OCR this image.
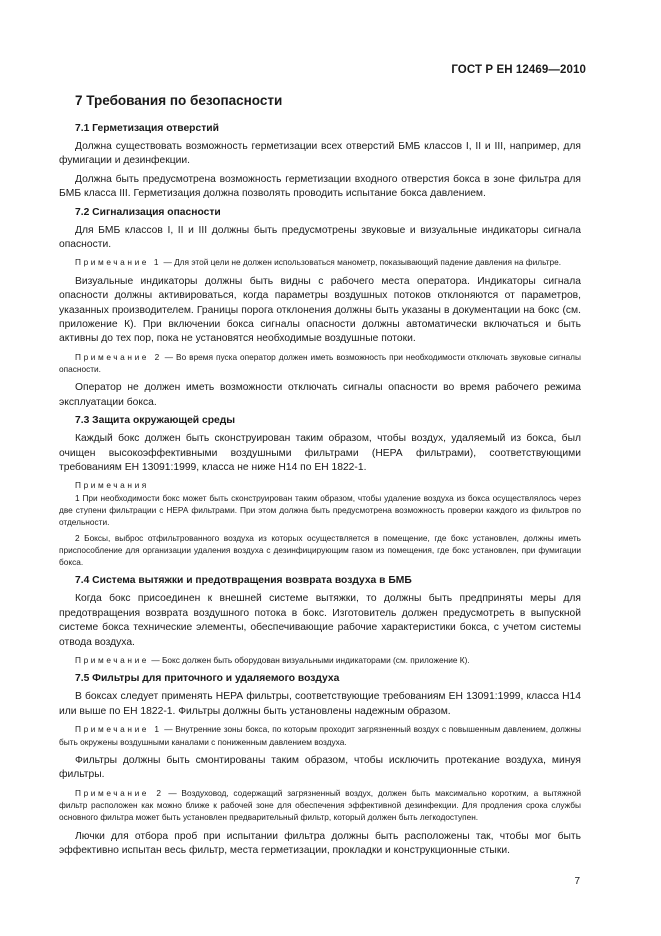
ГОСТ Р ЕН 12469—2010
7 Требования по безопасности
7.1 Герметизация отверстий
Должна существовать возможность герметизации всех отверстий БМБ классов I, II и III, например, для фумигации и дезинфекции.
Должна быть предусмотрена возможность герметизации входного отверстия бокса в зоне фильтра для БМБ класса III. Герметизация должна позволять проводить испытание бокса давлением.
7.2 Сигнализация опасности
Для БМБ классов I, II и III должны быть предусмотрены звуковые и визуальные индикаторы сигнала опасности.
Примечание 1 — Для этой цели не должен использоваться манометр, показывающий падение давления на фильтре.
Визуальные индикаторы должны быть видны с рабочего места оператора. Индикаторы сигнала опасности должны активироваться, когда параметры воздушных потоков отклоняются от параметров, указанных производителем. Границы порога отклонения должны быть указаны в документации на бокс (см. приложение К). При включении бокса сигналы опасности должны автоматически включаться и быть активны до тех пор, пока не установятся необходимые воздушные потоки.
Примечание 2 — Во время пуска оператор должен иметь возможность при необходимости отключать звуковые сигналы опасности.
Оператор не должен иметь возможности отключать сигналы опасности во время рабочего режима эксплуатации бокса.
7.3 Защита окружающей среды
Каждый бокс должен быть сконструирован таким образом, чтобы воздух, удаляемый из бокса, был очищен высокоэффективными воздушными фильтрами (НЕРА фильтрами), соответствующими требованиям ЕН 13091:1999, класса не ниже Н14 по ЕН 1822-1.
Примечания
1 При необходимости бокс может быть сконструирован таким образом, чтобы удаление воздуха из бокса осуществлялось через две ступени фильтрации с НЕРА фильтрами. При этом должна быть предусмотрена возможность проверки каждого из фильтров по отдельности.
2 Боксы, выброс отфильтрованного воздуха из которых осуществляется в помещение, где бокс установлен, должны иметь приспособление для организации удаления воздуха с дезинфицирующим газом из помещения, где бокс установлен, при фумигации бокса.
7.4 Система вытяжки и предотвращения возврата воздуха в БМБ
Когда бокс присоединен к внешней системе вытяжки, то должны быть предприняты меры для предотвращения возврата воздушного потока в бокс. Изготовитель должен предусмотреть в выпускной системе бокса технические элементы, обеспечивающие рабочие характеристики бокса, с учетом системы отвода воздуха.
Примечание — Бокс должен быть оборудован визуальными индикаторами (см. приложение К).
7.5 Фильтры для приточного и удаляемого воздуха
В боксах следует применять НЕРА фильтры, соответствующие требованиям ЕН 13091:1999, класса Н14 или выше по ЕН 1822-1. Фильтры должны быть установлены надежным образом.
Примечание 1 — Внутренние зоны бокса, по которым проходит загрязненный воздух с повышенным давлением, должны быть окружены воздушными каналами с пониженным давлением воздуха.
Фильтры должны быть смонтированы таким образом, чтобы исключить протекание воздуха, минуя фильтры.
Примечание 2 — Воздуховод, содержащий загрязненный воздух, должен быть максимально коротким, а вытяжной фильтр расположен как можно ближе к рабочей зоне для обеспечения эффективной дезинфекции. Для продления срока службы основного фильтра может быть установлен предварительный фильтр, который должен быть легкодоступен.
Лючки для отбора проб при испытании фильтра должны быть расположены так, чтобы мог быть эффективно испытан весь фильтр, места герметизации, прокладки и конструкционные стыки.
7
